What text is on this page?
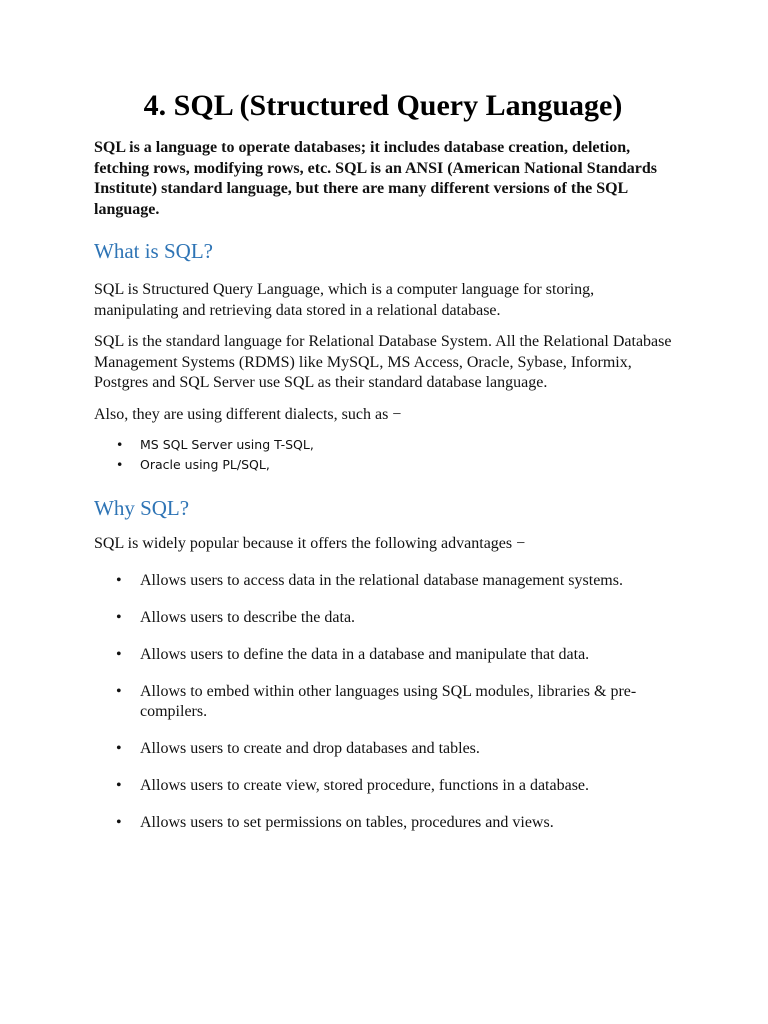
4. SQL (Structured Query Language)

SQL is a language to operate databases; it includes database creation, deletion, fetching rows, modifying rows, etc. SQL is an ANSI (American National Standards Institute) standard language, but there are many different versions of the SQL language.

What is SQL?

SQL is Structured Query Language, which is a computer language for storing, manipulating and retrieving data stored in a relational database.

SQL is the standard language for Relational Database System. All the Relational Database Management Systems (RDMS) like MySQL, MS Access, Oracle, Sybase, Informix, Postgres and SQL Server use SQL as their standard database language.

Also, they are using different dialects, such as −

• MS SQL Server using T-SQL,
• Oracle using PL/SQL,
Why SQL?

SQL is widely popular because it offers the following advantages −

• Allows users to access data in the relational database management systems.
• Allows users to describe the data.
• Allows users to define the data in a database and manipulate that data.
• Allows to embed within other languages using SQL modules, libraries & pre-compilers.
• Allows users to create and drop databases and tables.
• Allows users to create view, stored procedure, functions in a database.
• Allows users to set permissions on tables, procedures and views.
